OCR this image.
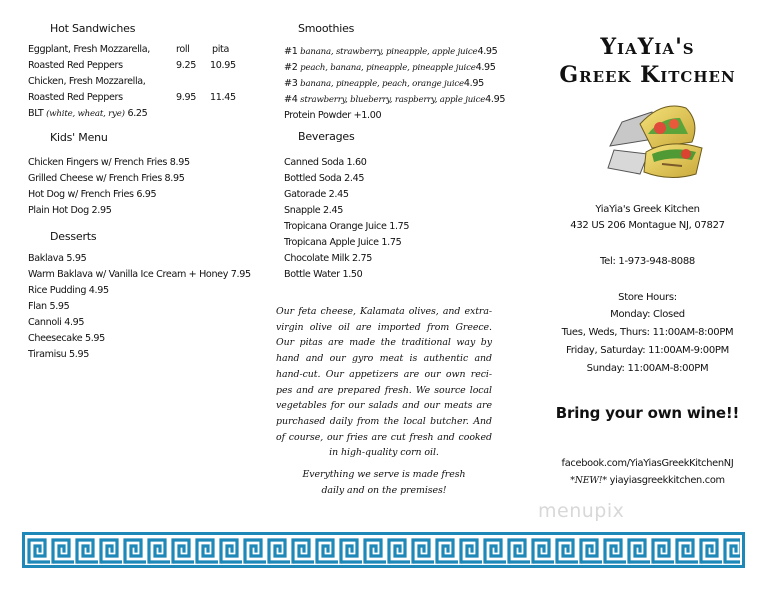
Hot Sandwiches
roll pita
Eggplant, Fresh Mozzarella,
Roasted Red Peppers	9.25 10.95
Chicken, Fresh Mozzarella,
Roasted Red Peppers	9.95 11.45
BLT (white, wheat, rye) 6.25
Kids' Menu
Chicken Fingers w/ French Fries 8.95
Grilled Cheese w/ French Fries 8.95
Hot Dog w/ French Fries 6.95
Plain Hot Dog 2.95
Desserts
Baklava 5.95
Warm Baklava w/ Vanilla Ice Cream + Honey 7.95
Rice Pudding 4.95
Flan 5.95
Cannoli 4.95
Cheesecake 5.95
Tiramisu 5.95
Smoothies
#1 banana, strawberry, pineapple, apple juice4.95
#2 peach, banana, pineapple, pineapple juice4.95
#3 banana, pineapple, peach, orange juice4.95
#4 strawberry, blueberry, raspberry, apple juice4.95
Protein Powder +1.00
Beverages
Canned Soda 1.60
Bottled Soda 2.45
Gatorade 2.45
Snapple 2.45
Tropicana Orange Juice 1.75
Tropicana Apple Juice 1.75
Chocolate Milk 2.75
Bottle Water 1.50
Our feta cheese, Kalamata olives, and extra-
virgin olive oil are imported from Greece.
Our pitas are made the traditional way by
hand and our gyro meat is authentic and
hand-cut. Our appetizers are our own reci-
pes and are prepared fresh. We source local
vegetables for our salads and our meats are
purchased daily from the local butcher. And
of course, our fries are cut fresh and cooked
in high-quality corn oil.
Everything we serve is made fresh
daily and on the premises!
YiaYia's
Greek Kitchen
YiaYia's Greek Kitchen
432 US 206 Montague NJ, 07827
Tel: 1-973-948-8088
Store Hours:
Monday: Closed
Tues, Weds, Thurs: 11:00AM-8:00PM
Friday, Saturday: 11:00AM-9:00PM
Sunday: 11:00AM-8:00PM
Bring your own wine!!
facebook.com/YiaYiasGreekKitchenNJ
*NEW!* yiayiasgreekkitchen.com
menupix
